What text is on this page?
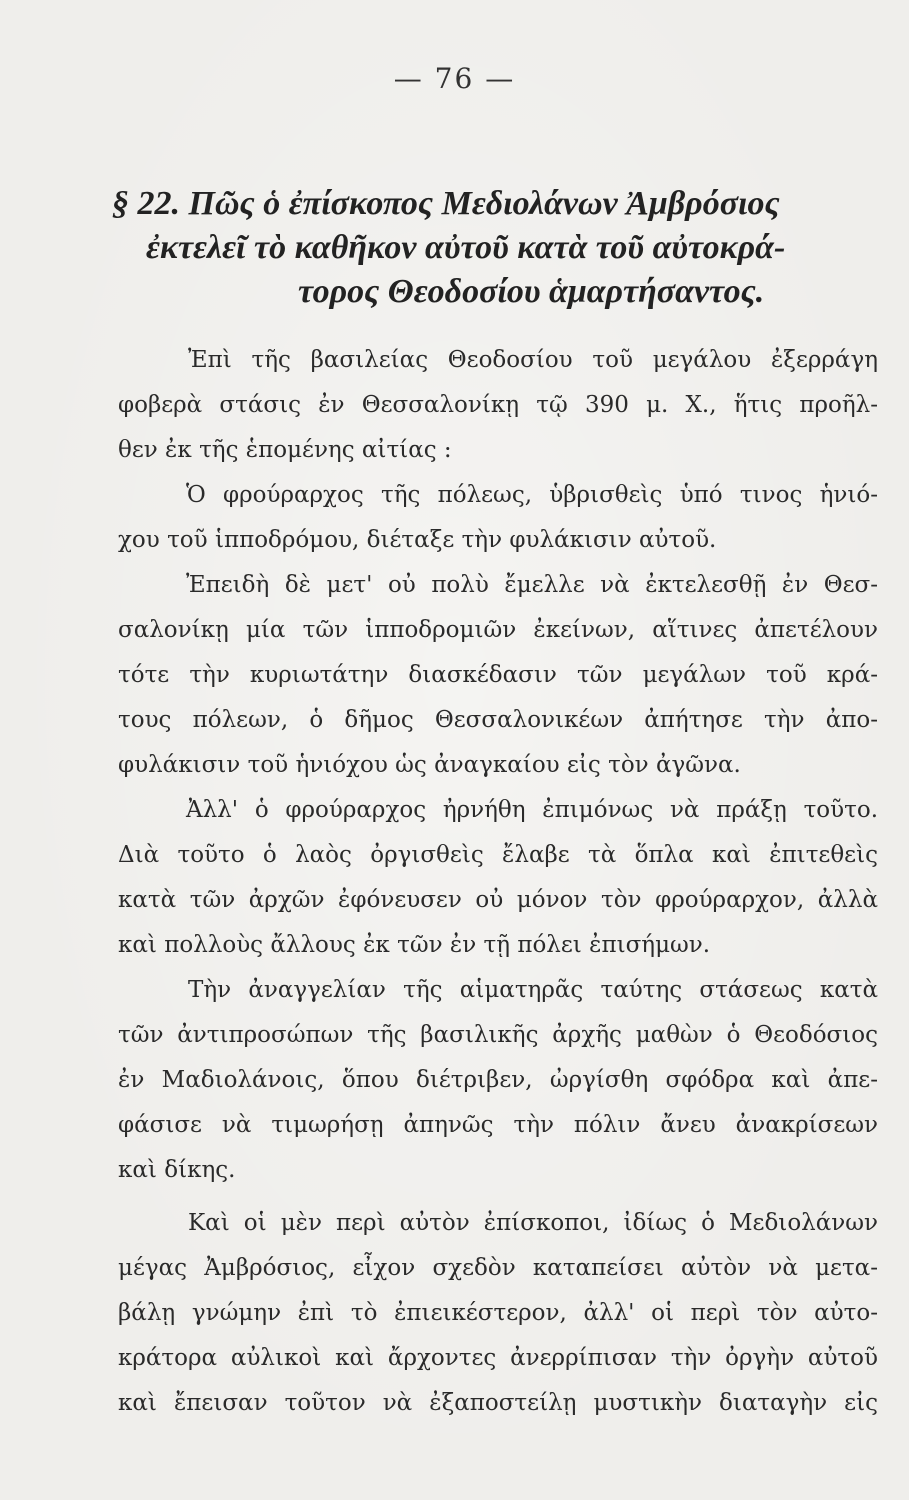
— 76 —
§ 22. Πῶς ὁ ἐπίσκοπος Μεδιολάνων Ἀμβρόσιος
ἐκτελεῖ τὸ καθῆκον αὐτοῦ κατὰ τοῦ αὐτοκρά-
τορος Θεοδοσίου ἁμαρτήσαντος.
Ἐπὶ τῆς βασιλείας Θεοδοσίου τοῦ μεγάλου ἐξερράγη
φοβερὰ στάσις ἐν Θεσσαλονίκῃ τῷ 390 μ. Χ., ἥτις προῆλ-
θεν ἐκ τῆς ἑπομένης αἰτίας :
Ὁ φρούραρχος τῆς πόλεως, ὑβρισθεὶς ὑπό τινος ἡνιό-
χου τοῦ ἱπποδρόμου, διέταξε τὴν φυλάκισιν αὐτοῦ.
Ἐπειδὴ δὲ μετ' οὐ πολὺ ἔμελλε νὰ ἐκτελεσθῇ ἐν Θεσ-
σαλονίκῃ μία τῶν ἱπποδρομιῶν ἐκείνων, αἵτινες ἀπετέλουν
τότε τὴν κυριωτάτην διασκέδασιν τῶν μεγάλων τοῦ κρά-
τους πόλεων, ὁ δῆμος Θεσσαλονικέων ἀπήτησε τὴν ἀπο-
φυλάκισιν τοῦ ἡνιόχου ὡς ἀναγκαίου εἰς τὸν ἀγῶνα.
Ἀλλ' ὁ φρούραρχος ἠρνήθη ἐπιμόνως νὰ πράξῃ τοῦτο.
Διὰ τοῦτο ὁ λαὸς ὀργισθεὶς ἔλαβε τὰ ὅπλα καὶ ἐπιτεθεὶς
κατὰ τῶν ἀρχῶν ἐφόνευσεν οὐ μόνον τὸν φρούραρχον, ἀλλὰ
καὶ πολλοὺς ἄλλους ἐκ τῶν ἐν τῇ πόλει ἐπισήμων.
Τὴν ἀναγγελίαν τῆς αἱματηρᾶς ταύτης στάσεως κατὰ
τῶν ἀντιπροσώπων τῆς βασιλικῆς ἀρχῆς μαθὼν ὁ Θεοδόσιος
ἐν Μαδιολάνοις, ὅπου διέτριβεν, ὠργίσθη σφόδρα καὶ ἀπε-
φάσισε νὰ τιμωρήσῃ ἀπηνῶς τὴν πόλιν ἄνευ ἀνακρίσεων
καὶ δίκης.
Καὶ οἱ μὲν περὶ αὐτὸν ἐπίσκοποι, ἰδίως ὁ Μεδιολάνων
μέγας Ἀμβρόσιος, εἶχον σχεδὸν καταπείσει αὐτὸν νὰ μετα-
βάλῃ γνώμην ἐπὶ τὸ ἐπιεικέστερον, ἀλλ' οἱ περὶ τὸν αὐτο-
κράτορα αὐλικοὶ καὶ ἄρχοντες ἀνερρίπισαν τὴν ὀργὴν αὐτοῦ
καὶ ἔπεισαν τοῦτον νὰ ἐξαποστείλῃ μυστικὴν διαταγὴν εἰς
